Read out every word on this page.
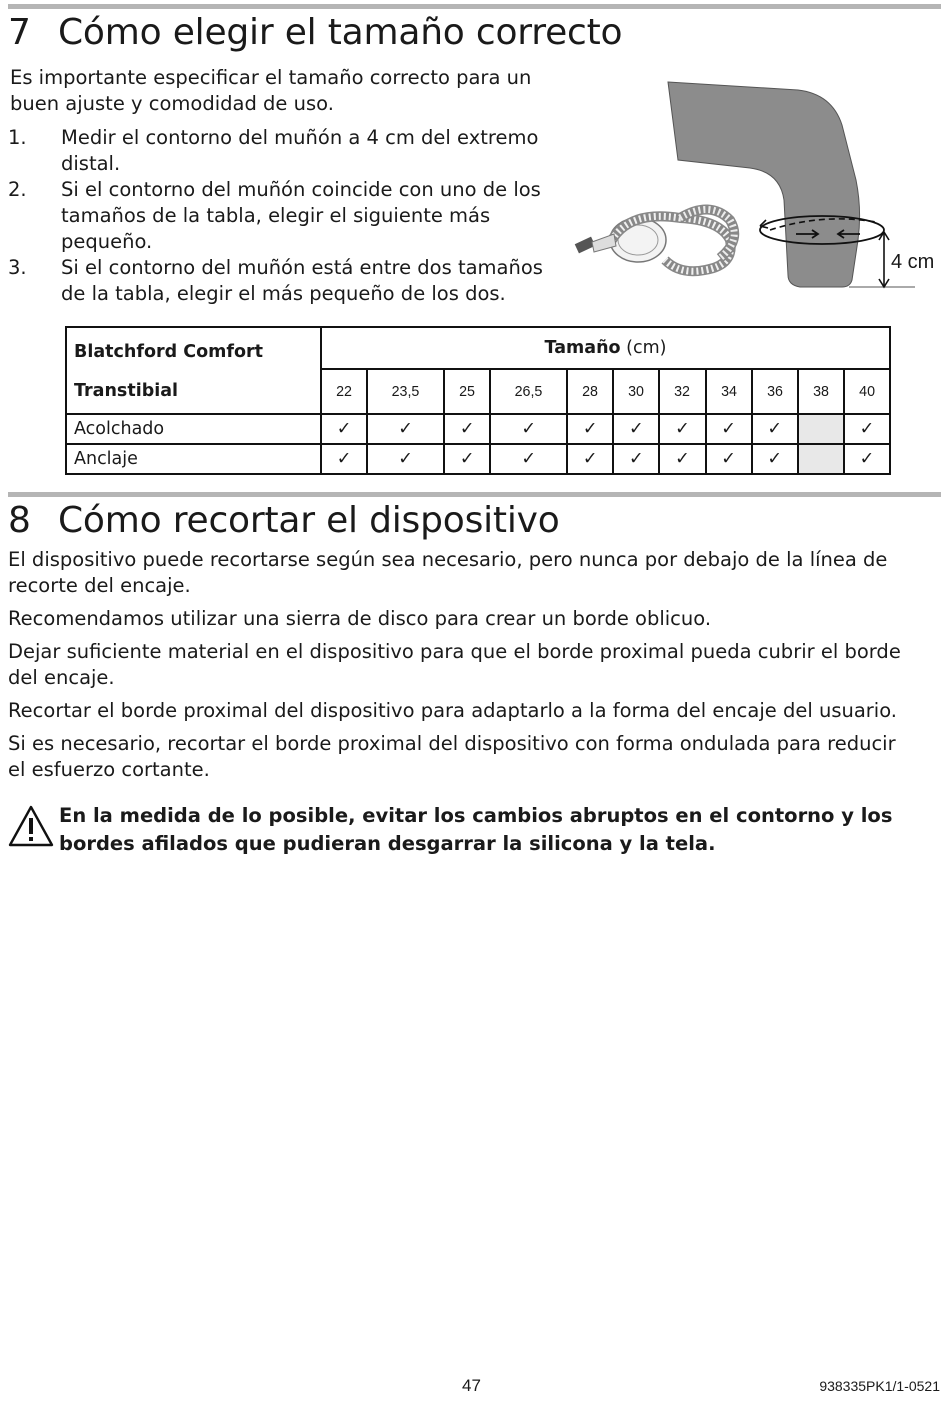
7 Cómo elegir el tamaño correcto

Es importante especificar el tamaño correcto para un buen ajuste y comodidad de uso.

1. Medir el contorno del muñón a 4 cm del extremo distal.
2. Si el contorno del muñón coincide con uno de los tamaños de la tabla, elegir el siguiente más pequeño.
3. Si el contorno del muñón está entre dos tamaños de la tabla, elegir el más pequeño de los dos.
4 cm
Blatchford Comfort	Tamaño (cm)										
Transtibial	22	23,5	25	26,5	28	30	32	34	36	38	40
Acolchado	✓	✓	✓	✓	✓	✓	✓	✓	✓		✓
Anclaje	✓	✓	✓	✓	✓	✓	✓	✓	✓		✓
8 Cómo recortar el dispositivo

El dispositivo puede recortarse según sea necesario, pero nunca por debajo de la línea de recorte del encaje.

Recomendamos utilizar una sierra de disco para crear un borde oblicuo.

Dejar suficiente material en el dispositivo para que el borde proximal pueda cubrir el borde del encaje.

Recortar el borde proximal del dispositivo para adaptarlo a la forma del encaje del usuario.

Si es necesario, recortar el borde proximal del dispositivo con forma ondulada para reducir el esfuerzo cortante.

En la medida de lo posible, evitar los cambios abruptos en el contorno y los bordes afilados que pudieran desgarrar la silicona y la tela.
47	938335PK1/1-0521
